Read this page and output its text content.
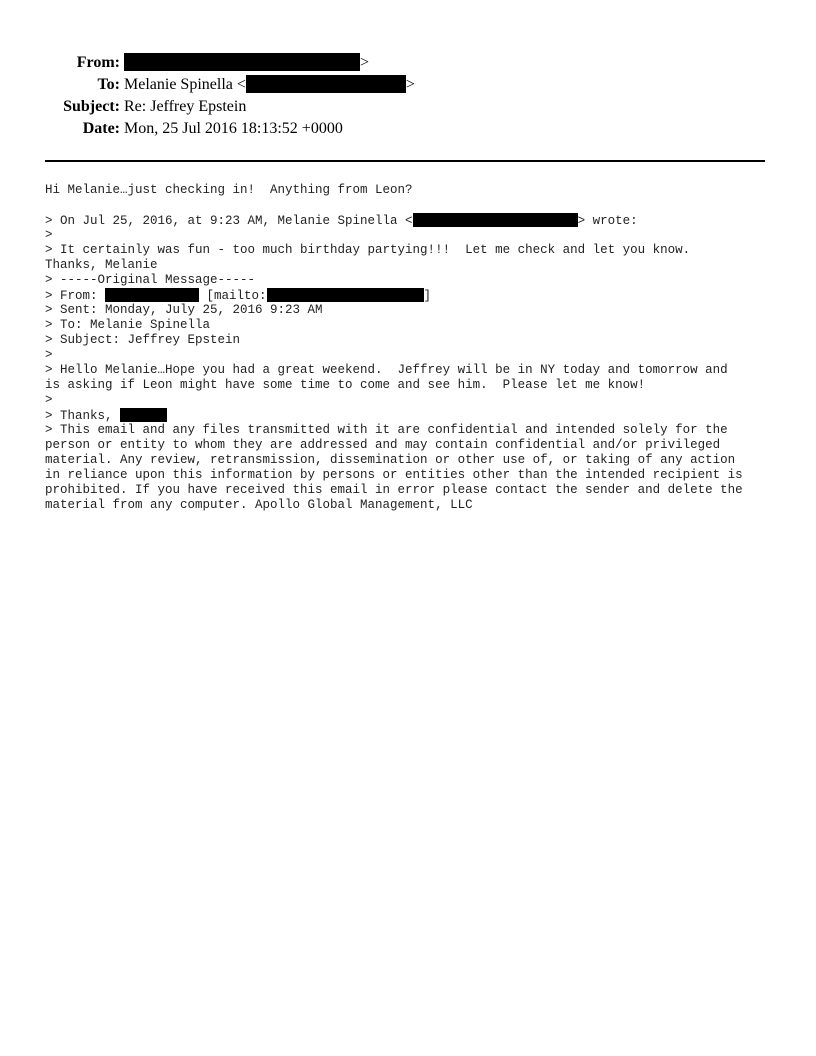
From:	>
To: Melanie Spinella <	>
Subject: Re: Jeffrey Epstein
Date: Mon, 25 Jul 2016 18:13:52 +0000
Hi Melanie…just checking in!  Anything from Leon?
> On Jul 25, 2016, at 9:23 AM, Melanie Spinella <	> wrote:
>
> It certainly was fun - too much birthday partying!!!  Let me check and let you know.
Thanks, Melanie
> -----Original Message-----
> From:	[mailto:	]
> Sent: Monday, July 25, 2016 9:23 AM
> To: Melanie Spinella
> Subject: Jeffrey Epstein
>
> Hello Melanie…Hope you had a great weekend.  Jeffrey will be in NY today and tomorrow and
is asking if Leon might have some time to come and see him.  Please let me know!
>
> Thanks,
> This email and any files transmitted with it are confidential and intended solely for the
person or entity to whom they are addressed and may contain confidential and/or privileged
material. Any review, retransmission, dissemination or other use of, or taking of any action
in reliance upon this information by persons or entities other than the intended recipient is
prohibited. If you have received this email in error please contact the sender and delete the
material from any computer. Apollo Global Management, LLC
